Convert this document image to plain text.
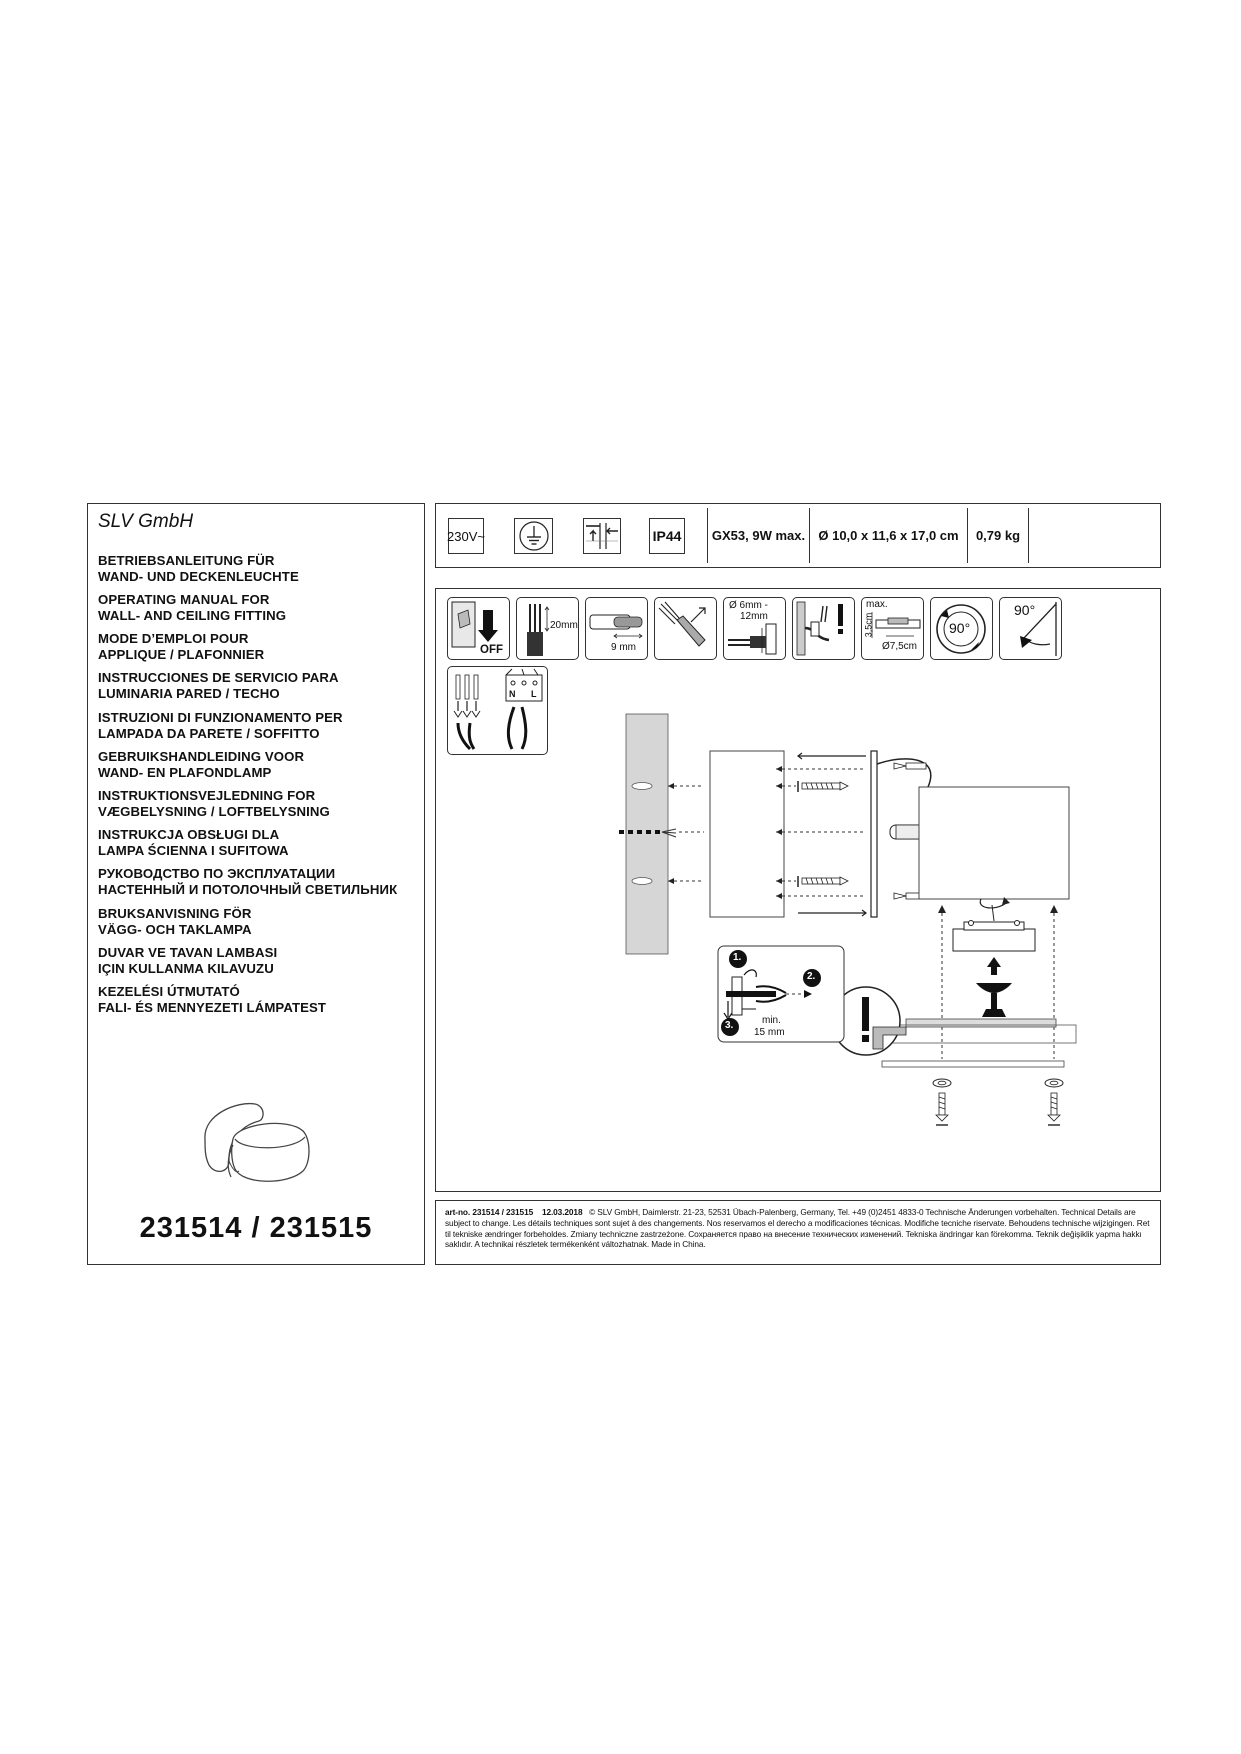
SLV GmbH
BETRIEBSANLEITUNG FÜR
WAND- UND DECKENLEUCHTE
OPERATING MANUAL FOR
WALL- AND CEILING FITTING
MODE D’EMPLOI POUR
APPLIQUE / PLAFONNIER
INSTRUCCIONES DE SERVICIO PARA
LUMINARIA PARED / TECHO
ISTRUZIONI DI FUNZIONAMENTO PER
LAMPADA DA PARETE / SOFFITTO
GEBRUIKSHANDLEIDING VOOR
WAND- EN PLAFONDLAMP
INSTRUKTIONSVEJLEDNING FOR
VÆGBELYSNING / LOFTBELYSNING
INSTRUKCJA OBSŁUGI DLA
LAMPA ŚCIENNA I SUFITOWA
РУКОВОДСТВО ПО ЭКСПЛУАТАЦИИ
НАСТЕННЫЙ И ПОТОЛОЧНЫЙ СВЕТИЛЬНИК
BRUKSANVISNING FÖR
VÄGG- OCH TAKLAMPA
DUVAR VE TAVAN LAMBASI
IÇIN KULLANMA KILAVUZU
KEZELÉSI ÚTMUTATÓ
FALI- ÉS MENNYEZETI LÁMPATEST
231514 / 231515
230V~	IP44 GX53, 9W max. Ø 10,0 x 11,6 x 17,0 cm 0,79 kg
OFF
20mm
9 mm
Ø 6mm -
12mm
max.
3,5cm
Ø7,5cm
90°
90°
N L
1.
2.
3.	min.
15 mm
art-no. 231514 / 231515 12.03.2018 © SLV GmbH, Daimlerstr. 21-23, 52531 Übach-Palenberg, Germany, Tel. +49 (0)2451 4833-0 Technische Änderungen vorbehalten. Technical Details are subject to change. Les détails techniques sont sujet à des changements. Nos reservamos el derecho a modificaciones técnicas. Modifiche tecniche riservate. Behoudens technische wijzigingen. Ret til tekniske ændringer forbeholdes. Zmiany techniczne zastrzeżone. Сохраняется право на внесение технических изменений. Tekniska ändringar kan förekomma. Teknik değişiklik yapma hakkı saklıdır. A technikai részletek termékenként változhatnak. Made in China.
